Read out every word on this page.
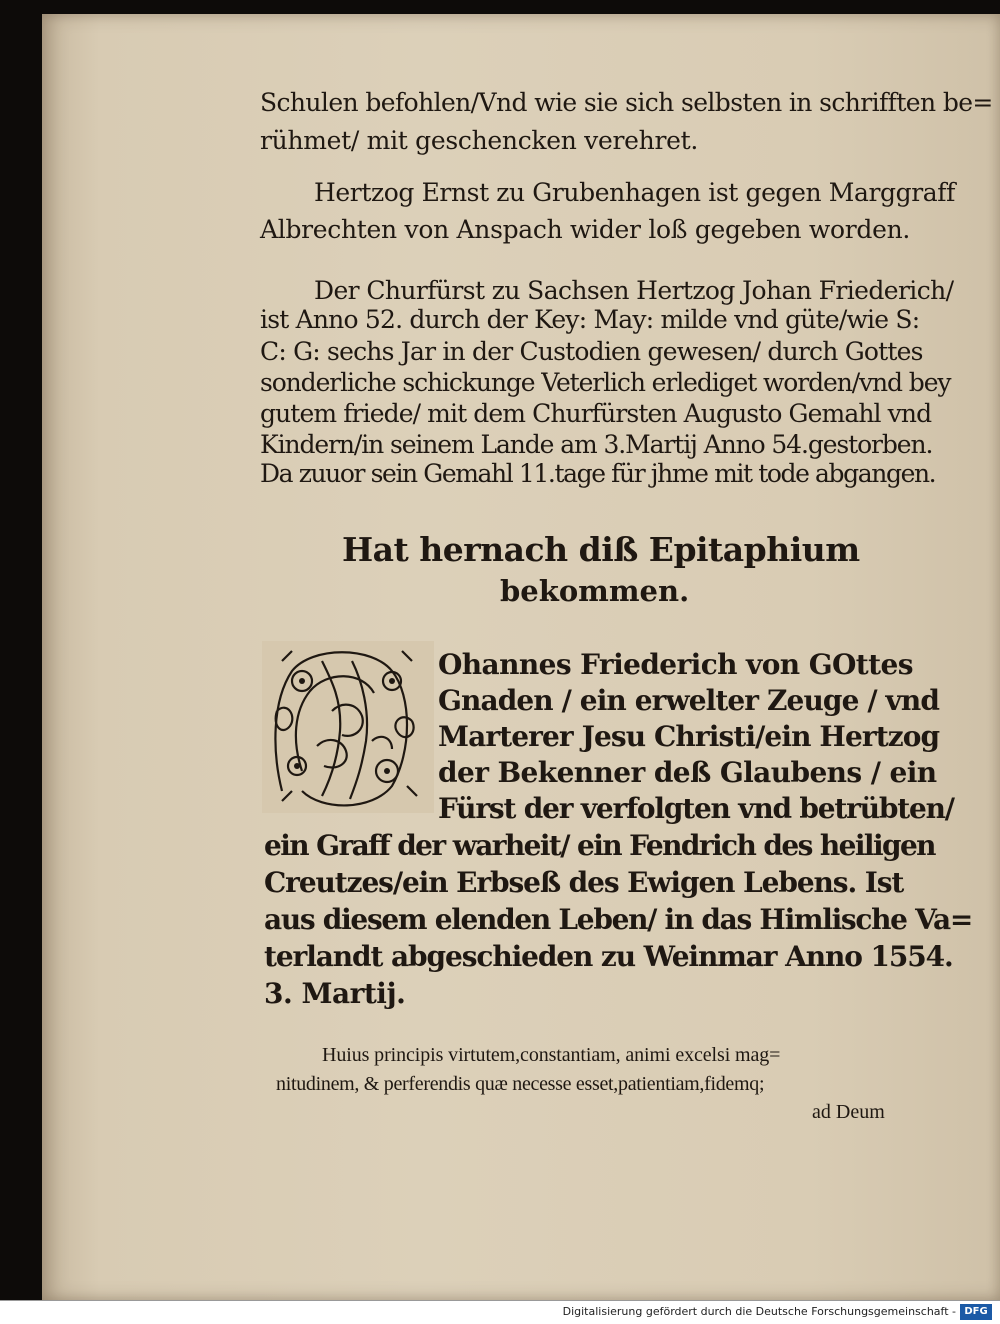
Schulen befohlen/Vnd wie sie sich selbsten in schrifften be=
rühmet/ mit geschencken verehret.
Hertzog Ernst zu Grubenhagen ist gegen Marggraff
Albrechten von Anspach wider loß gegeben worden.
Der Churfürst zu Sachsen Hertzog Johan Friederich/
ist Anno 52. durch der Key: May: milde vnd güte/wie S:
C: G: sechs Jar in der Custodien gewesen/ durch Gottes
sonderliche schickunge Veterlich erlediget worden/vnd bey
gutem friede/ mit dem Churfürsten Augusto Gemahl vnd
Kindern/in seinem Lande am 3.Martij Anno 54.gestorben.
Da zuuor sein Gemahl 11.tage für jhme mit tode abgangen.
Hat hernach diß Epitaphium
bekommen.
Ohannes Friederich von GOttes
Gnaden / ein erwelter Zeuge / vnd
Marterer Jesu Christi/ein Hertzog
der Bekenner deß Glaubens / ein
Fürst der verfolgten vnd betrübten/
ein Graff der warheit/ ein Fendrich des heiligen
Creutzes/ein Erbseß des Ewigen Lebens. Ist
aus diesem elenden Leben/ in das Himlische Va=
terlandt abgeschieden zu Weinmar Anno 1554.
3. Martij.
Huius principis virtutem,constantiam, animi excelsi mag=
nitudinem, & perferendis quæ necesse esset,patientiam,fidemq;
ad Deum
Digitalisierung gefördert durch die Deutsche Forschungsgemeinschaft - DFG
